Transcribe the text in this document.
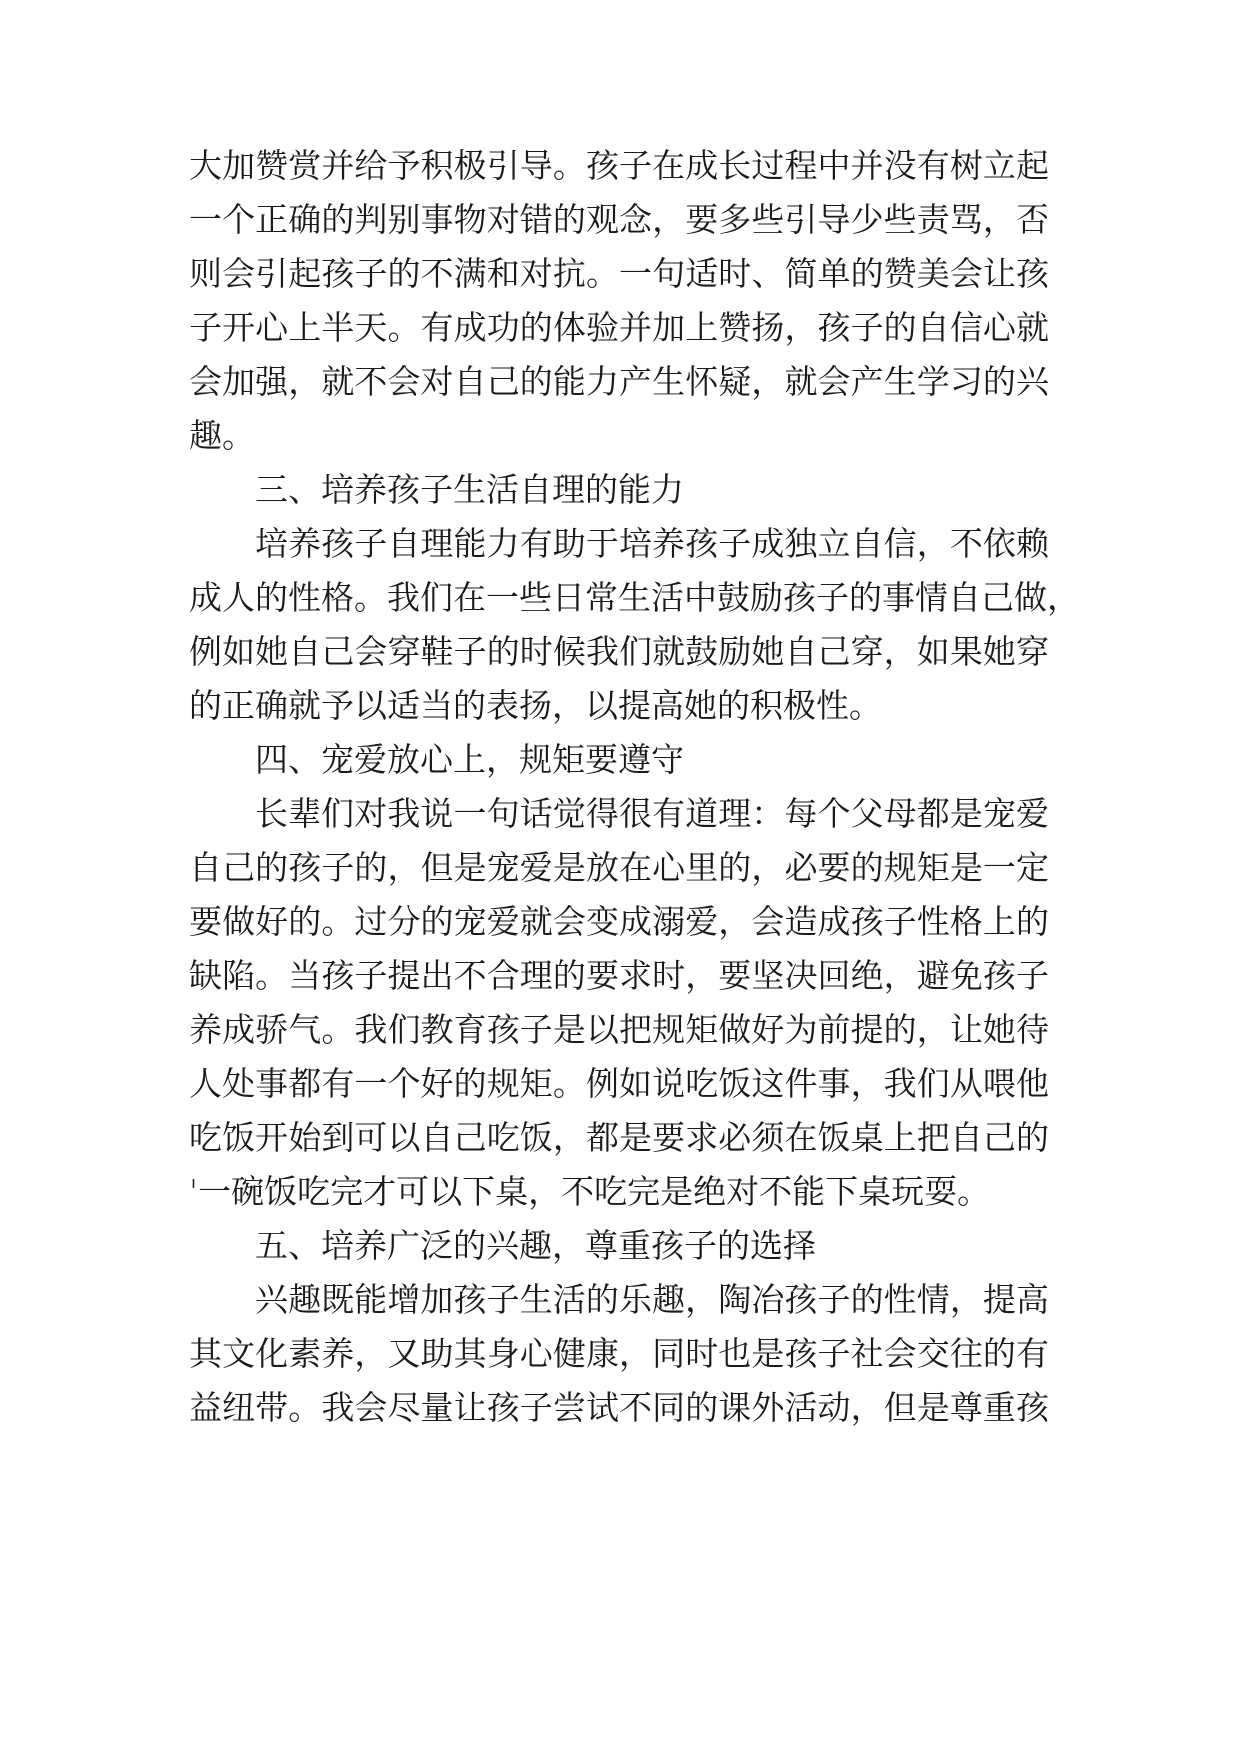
大加赞赏并给予积极引导。孩子在成长过程中并没有树立起
一个正确的判别事物对错的观念，要多些引导少些责骂，否
则会引起孩子的不满和对抗。一句适时、简单的赞美会让孩
子开心上半天。有成功的体验并加上赞扬，孩子的自信心就
会加强，就不会对自己的能力产生怀疑，就会产生学习的兴
趣。
三、培养孩子生活自理的能力
培养孩子自理能力有助于培养孩子成独立自信，不依赖
成人的性格。我们在一些日常生活中鼓励孩子的事情自己做，
例如她自己会穿鞋子的时候我们就鼓励她自己穿，如果她穿
的正确就予以适当的表扬，以提高她的积极性。
四、宠爱放心上，规矩要遵守
长辈们对我说一句话觉得很有道理：每个父母都是宠爱
自己的孩子的，但是宠爱是放在心里的，必要的规矩是一定
要做好的。过分的宠爱就会变成溺爱，会造成孩子性格上的
缺陷。当孩子提出不合理的要求时，要坚决回绝，避免孩子
养成骄气。我们教育孩子是以把规矩做好为前提的，让她待
人处事都有一个好的规矩。例如说吃饭这件事，我们从喂他
吃饭开始到可以自己吃饭，都是要求必须在饭桌上把自己的
'一碗饭吃完才可以下桌，不吃完是绝对不能下桌玩耍。
五、培养广泛的兴趣，尊重孩子的选择
兴趣既能增加孩子生活的乐趣，陶冶孩子的性情，提高
其文化素养，又助其身心健康，同时也是孩子社会交往的有
益纽带。我会尽量让孩子尝试不同的课外活动，但是尊重孩
